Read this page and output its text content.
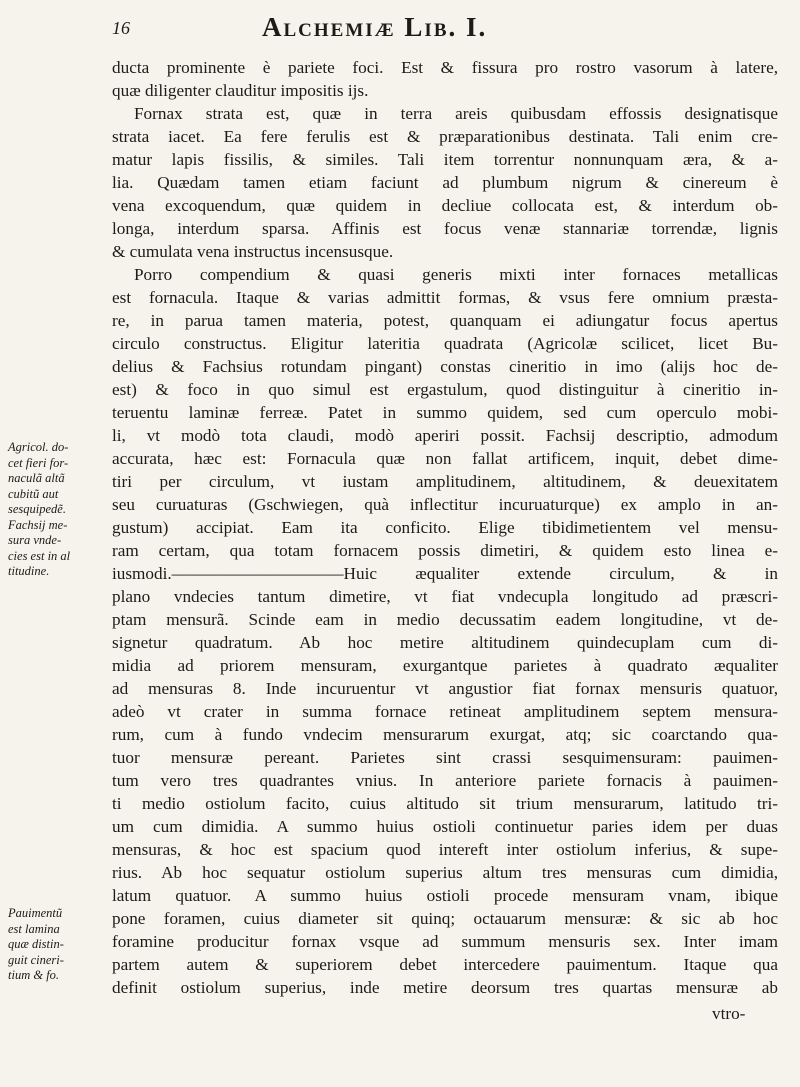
16	Alchemiæ Lib. I.
ducta prominente è pariete foci. Est & fissura pro rostro vasorum à latere,
quæ diligenter clauditur impositis ijs.
Fornax strata est, quæ in terra areis quibusdam effossis designatisque
strata iacet. Ea fere ferulis est & præparationibus destinata. Tali enim cre-
matur lapis fissilis, & similes. Tali item torrentur nonnunquam æra, & a-
lia. Quædam tamen etiam faciunt ad plumbum nigrum & cinereum è
vena excoquendum, quæ quidem in decliue collocata est, & interdum ob-
longa, interdum sparsa. Affinis est focus venæ stannariæ torrendæ, lignis
& cumulata vena instructus incensusque.
Porro compendium & quasi generis mixti inter fornaces metallicas
est fornacula. Itaque & varias admittit formas, & vsus fere omnium præsta-
re, in parua tamen materia, potest, quanquam ei adiungatur focus apertus
circulo constructus. Eligitur lateritia quadrata (Agricolæ scilicet, licet Bu-
delius & Fachsius rotundam pingant) constas cineritio in imo (alijs hoc de-
est) & foco in quo simul est ergastulum, quod distinguitur à cineritio in-
teruentu laminæ ferreæ. Patet in summo quidem, sed cum operculo mobi-
li, vt modò tota claudi, modò aperiri possit. Fachsij descriptio, admodum
accurata, hæc est: Fornacula quæ non fallat artificem, inquit, debet dime-
tiri per circulum, vt iustam amplitudinem, altitudinem, & deuexitatem
seu curuaturas (Gschwiegen, quà inflectitur incuruaturque) ex amplo in an-
gustum) accipiat. Eam ita conficito. Elige tibidimetientem vel mensu-
ram certam, qua totam fornacem possis dimetiri, & quidem esto linea e-
iusmodi.——————————Huic æqualiter extende circulum, & in
plano vndecies tantum dimetire, vt fiat vndecupla longitudo ad præscri-
ptam mensurã. Scinde eam in medio decussatim eadem longitudine, vt de-
signetur quadratum. Ab hoc metire altitudinem quindecuplam cum di-
midia ad priorem mensuram, exurgantque parietes à quadrato æqualiter
ad mensuras 8. Inde incuruentur vt angustior fiat fornax mensuris quatuor,
adeò vt crater in summa fornace retineat amplitudinem septem mensura-
rum, cum à fundo vndecim mensurarum exurgat, atq; sic coarctando qua-
tuor mensuræ pereant. Parietes sint crassi sesquimensuram: pauimen-
tum vero tres quadrantes vnius. In anteriore pariete fornacis à pauimen-
ti medio ostiolum facito, cuius altitudo sit trium mensurarum, latitudo tri-
um cum dimidia. A summo huius ostioli continuetur paries idem per duas
mensuras, & hoc est spacium quod intereft inter ostiolum inferius, & supe-
rius. Ab hoc sequatur ostiolum superius altum tres mensuras cum dimidia,
latum quatuor. A summo huius ostioli procede mensuram vnam, ibique
pone foramen, cuius diameter sit quinq; octauarum mensuræ: & sic ab hoc
foramine producitur fornax vsque ad summum mensuris sex. Inter imam
partem autem & superiorem debet intercedere pauimentum. Itaque qua
definit ostiolum superius, inde metire deorsum tres quartas mensuræ ab
vtro-
Agricol. do-
cet fieri for-
naculã altã
cubitũ aut
sesquipedẽ.
Fachsij me-
sura vnde-
cies est in al
titudine.
Pauimentũ
est lamina
quæ distin-
guit cineri-
tium & fo.
